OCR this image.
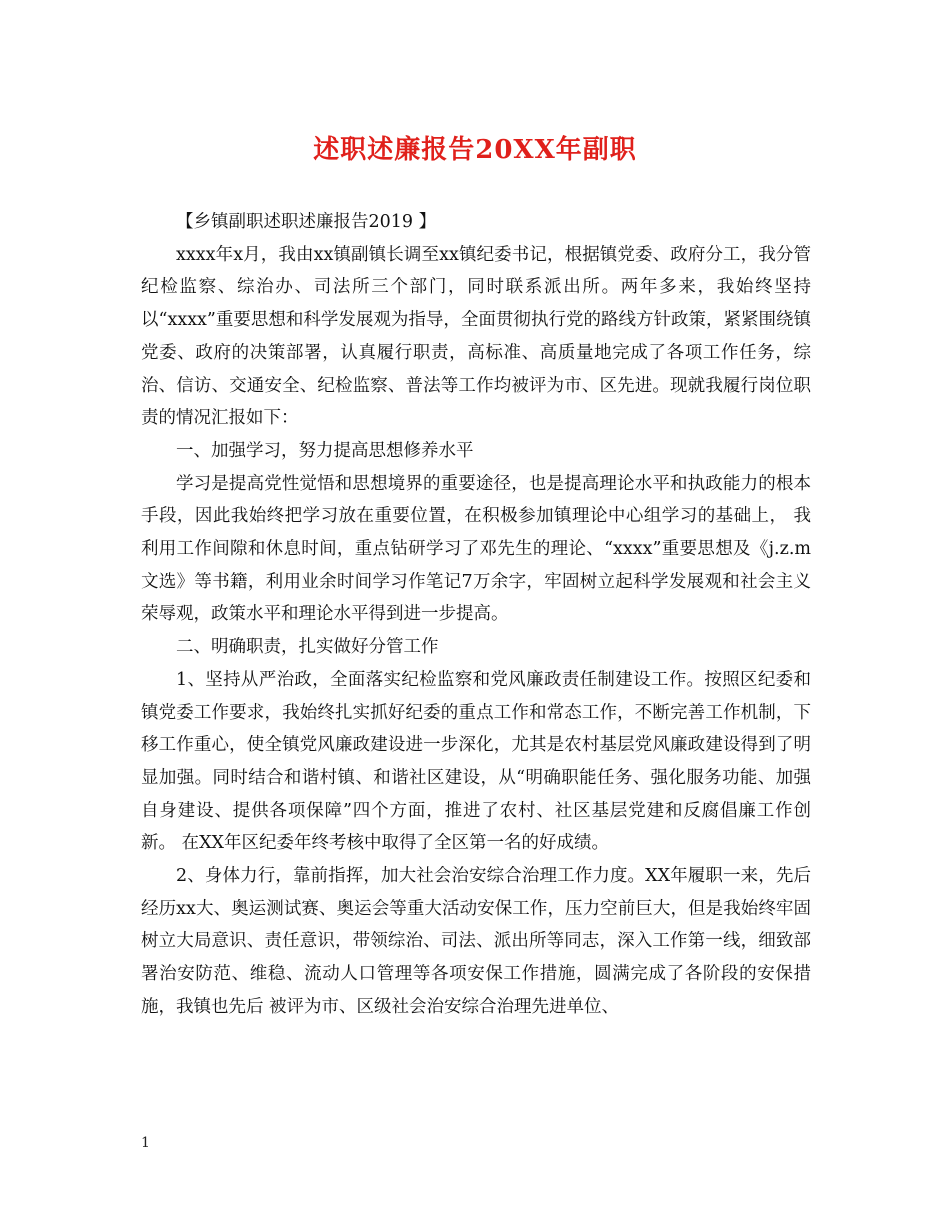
述职述廉报告20XX年副职

【乡镇副职述职述廉报告2019 】

xxxx年x月，我由xx镇副镇长调至xx镇纪委书记，根据镇党委、政府分工，我分管纪检监察、综治办、司法所三个部门，同时联系派出所。两年多来，我始终坚持以“xxxx”重要思想和科学发展观为指导，全面贯彻执行党的路线方针政策，紧紧围绕镇党委、政府的决策部署，认真履行职责，高标准、高质量地完成了各项工作任务，综治、信访、交通安全、纪检监察、普法等工作均被评为市、区先进。现就我履行岗位职责的情况汇报如下：

一、加强学习，努力提高思想修养水平

学习是提高党性觉悟和思想境界的重要途径，也是提高理论水平和执政能力的根本手段，因此我始终把学习放在重要位置，在积极参加镇理论中心组学习的基础上， 我利用工作间隙和休息时间，重点钻研学习了邓先生的理论、“xxxx”重要思想及《j.z.m文选》等书籍，利用业余时间学习作笔记7万余字，牢固树立起科学发展观和社会主义荣辱观，政策水平和理论水平得到进一步提高。

二、明确职责，扎实做好分管工作

1、坚持从严治政，全面落实纪检监察和党风廉政责任制建设工作。按照区纪委和镇党委工作要求，我始终扎实抓好纪委的重点工作和常态工作，不断完善工作机制，下移工作重心，使全镇党风廉政建设进一步深化，尤其是农村基层党风廉政建设得到了明显加强。同时结合和谐村镇、和谐社区建设，从“明确职能任务、强化服务功能、加强自身建设、提供各项保障”四个方面，推进了农村、社区基层党建和反腐倡廉工作创新。 在XX年区纪委年终考核中取得了全区第一名的好成绩。

2、身体力行，靠前指挥，加大社会治安综合治理工作力度。XX年履职一来，先后经历xx大、奥运测试赛、奥运会等重大活动安保工作，压力空前巨大，但是我始终牢固树立大局意识、责任意识，带领综治、司法、派出所等同志，深入工作第一线，细致部署治安防范、维稳、流动人口管理等各项安保工作措施，圆满完成了各阶段的安保措施，我镇也先后 被评为市、区级社会治安综合治理先进单位、

1
